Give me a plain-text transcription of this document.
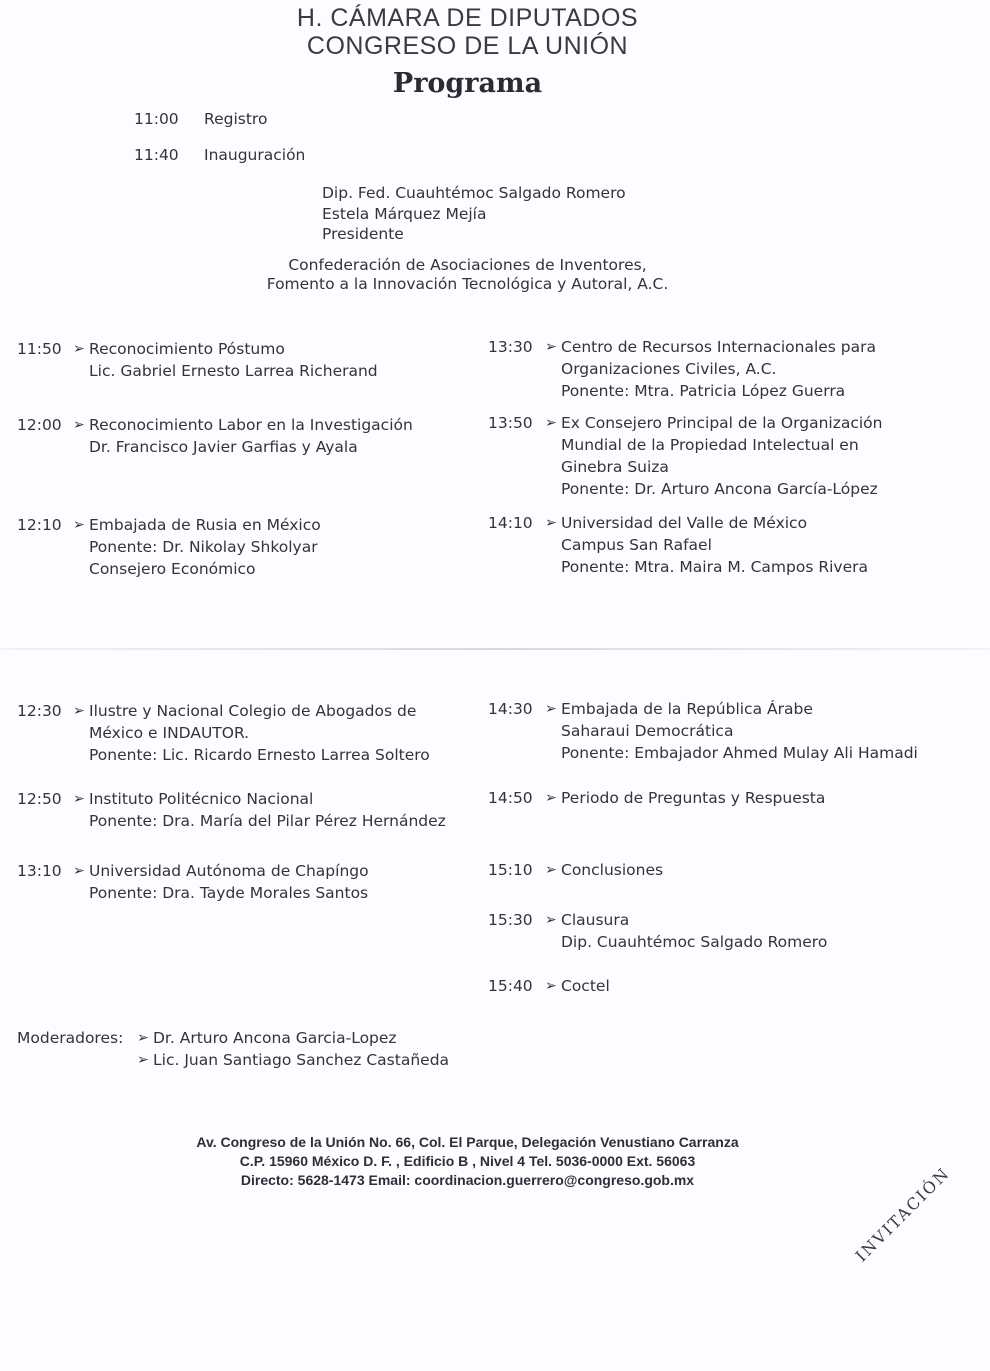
H. CÁMARA DE DIPUTADOS
CONGRESO DE LA UNIÓN
Programa
11:00 Registro
11:40 Inauguración
Dip. Fed. Cuauhtémoc Salgado Romero
Estela Márquez Mejía
Presidente
Confederación de Asociaciones de Inventores,
Fomento a la Innovación Tecnológica y Autoral, A.C.
11:50 ➢ Reconocimiento Póstumo
Lic. Gabriel Ernesto Larrea Richerand
12:00 ➢ Reconocimiento Labor en la Investigación
Dr. Francisco Javier Garfias y Ayala
12:10 ➢ Embajada de Rusia en México
Ponente: Dr. Nikolay Shkolyar
Consejero Económico
13:30 ➢ Centro de Recursos Internacionales para
Organizaciones Civiles, A.C.
Ponente: Mtra. Patricia López Guerra
13:50 ➢ Ex Consejero Principal de la Organización
Mundial de la Propiedad Intelectual en
Ginebra Suiza
Ponente: Dr. Arturo Ancona García-López
14:10 ➢ Universidad del Valle de México
Campus San Rafael
Ponente: Mtra. Maira M. Campos Rivera
12:30 ➢ Ilustre y Nacional Colegio de Abogados de
México e INDAUTOR.
Ponente: Lic. Ricardo Ernesto Larrea Soltero
12:50 ➢ Instituto Politécnico Nacional
Ponente: Dra. María del Pilar Pérez Hernández
13:10 ➢ Universidad Autónoma de Chapíngo
Ponente: Dra. Tayde Morales Santos
14:30 ➢ Embajada de la República Árabe
Saharaui Democrática
Ponente: Embajador Ahmed Mulay Ali Hamadi
14:50 ➢ Periodo de Preguntas y Respuesta
15:10 ➢ Conclusiones
15:30 ➢ Clausura
Dip. Cuauhtémoc Salgado Romero
15:40 ➢ Coctel
Moderadores: ➢ Dr. Arturo Ancona Garcia-Lopez
➢ Lic. Juan Santiago Sanchez Castañeda
Av. Congreso de la Unión No. 66, Col. El Parque, Delegación Venustiano Carranza
C.P. 15960 México D. F. , Edificio B , Nivel 4 Tel. 5036-0000 Ext. 56063
Directo: 5628-1473 Email: coordinacion.guerrero@congreso.gob.mx	INVITACIÓN
